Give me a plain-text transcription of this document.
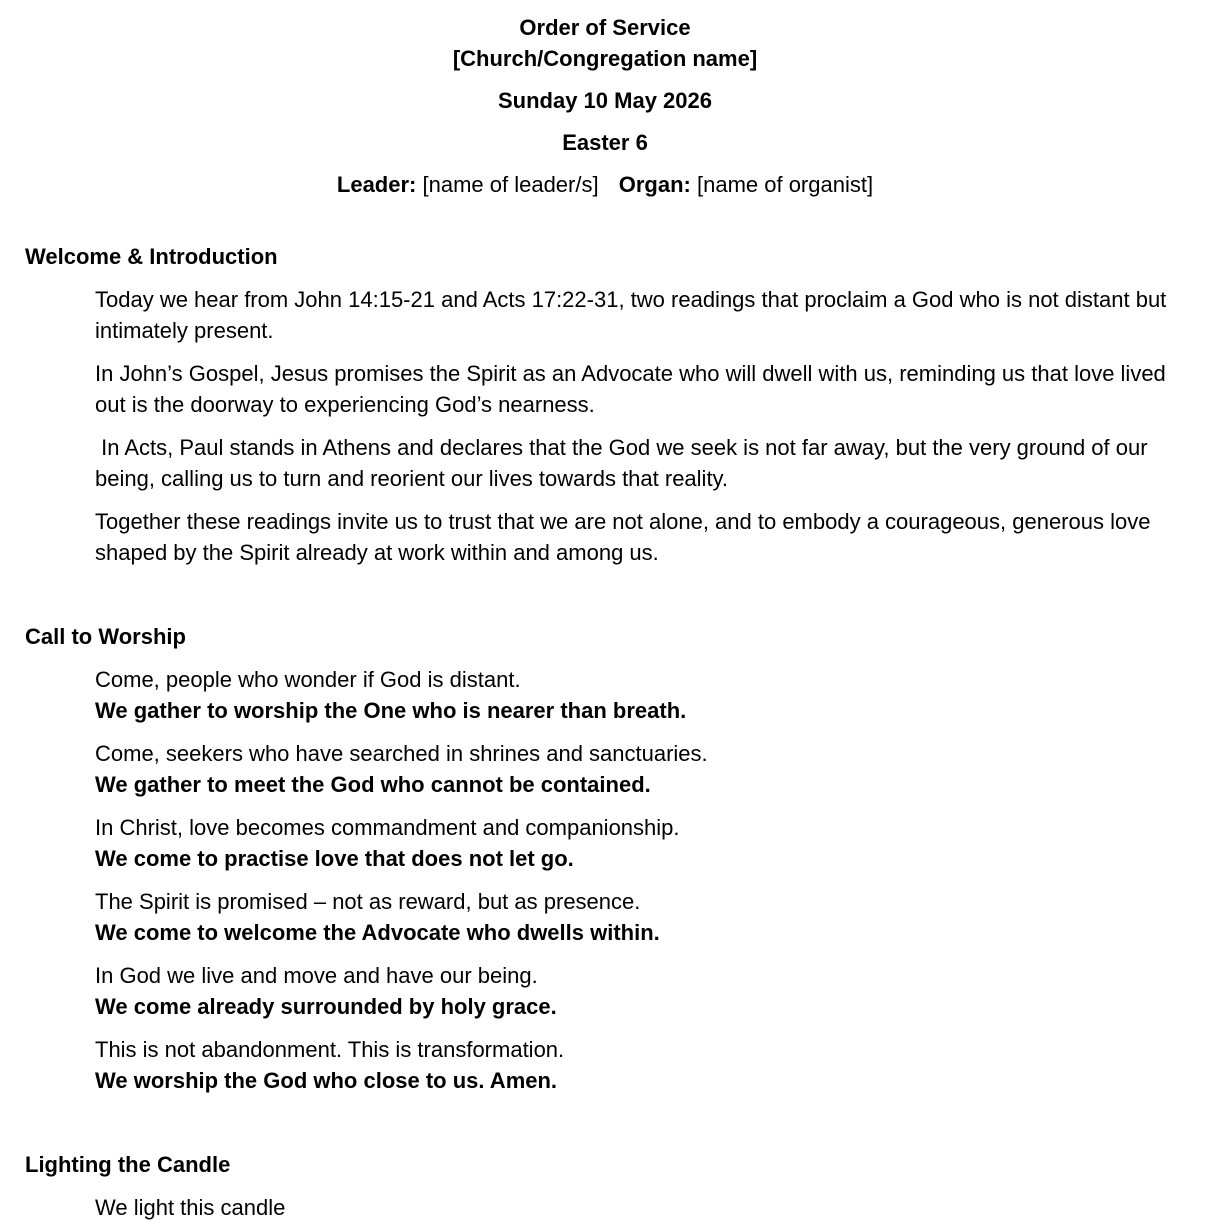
Order of Service
[Church/Congregation name]

Sunday 10 May 2026

Easter 6

Leader: [name of leader/s] Organ: [name of organist]

Welcome & Introduction

Today we hear from John 14:15-21 and Acts 17:22-31, two readings that proclaim a God who is not distant but intimately present.

In John’s Gospel, Jesus promises the Spirit as an Advocate who will dwell with us, reminding us that love lived out is the doorway to experiencing God’s nearness.

In Acts, Paul stands in Athens and declares that the God we seek is not far away, but the very ground of our being, calling us to turn and reorient our lives towards that reality.

Together these readings invite us to trust that we are not alone, and to embody a courageous, generous love shaped by the Spirit already at work within and among us.

Call to Worship
Come, people who wonder if God is distant.
We gather to worship the One who is nearer than breath.
Come, seekers who have searched in shrines and sanctuaries.
We gather to meet the God who cannot be contained.
In Christ, love becomes commandment and companionship.
We come to practise love that does not let go.
The Spirit is promised – not as reward, but as presence.
We come to welcome the Advocate who dwells within.
In God we live and move and have our being.
We come already surrounded by holy grace.
This is not abandonment. This is transformation.
We worship the God who close to us. Amen.
Lighting the Candle

We light this candle
